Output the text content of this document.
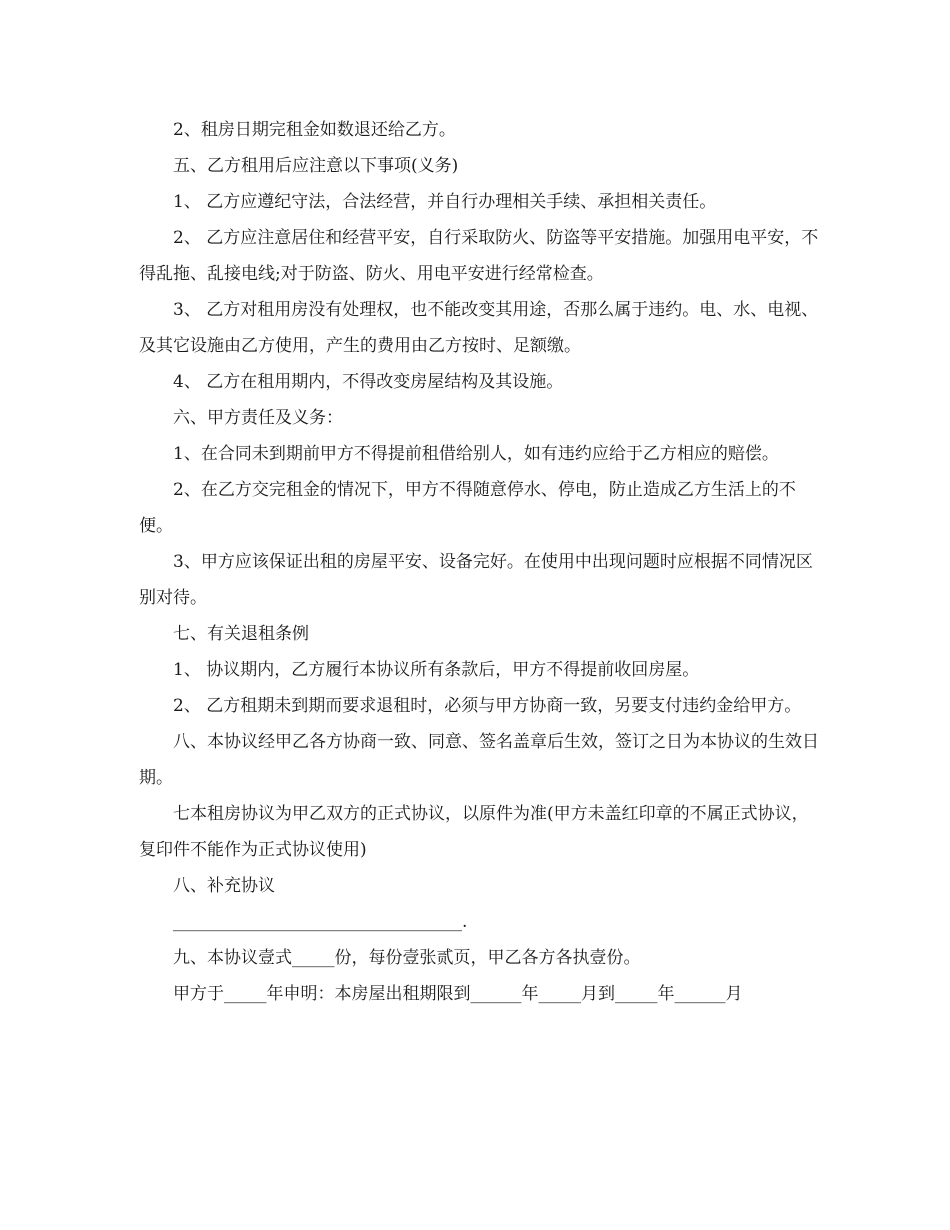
2、租房日期完租金如数退还给乙方。

五、乙方租用后应注意以下事项(义务)

1、 乙方应遵纪守法，合法经营，并自行办理相关手续、承担相关责任。

2、 乙方应注意居住和经营平安，自行采取防火、防盗等平安措施。加强用电平安，不得乱拖、乱接电线;对于防盗、防火、用电平安进行经常检查。

3、 乙方对租用房没有处理权，也不能改变其用途，否那么属于违约。电、水、电视、及其它设施由乙方使用，产生的费用由乙方按时、足额缴。

4、 乙方在租用期内，不得改变房屋结构及其设施。

六、甲方责任及义务：

1、在合同未到期前甲方不得提前租借给别人，如有违约应给于乙方相应的赔偿。

2、在乙方交完租金的情况下，甲方不得随意停水、停电，防止造成乙方生活上的不便。

3、甲方应该保证出租的房屋平安、设备完好。在使用中出现问题时应根据不同情况区别对待。

七、有关退租条例

1、 协议期内，乙方履行本协议所有条款后，甲方不得提前收回房屋。

2、 乙方租期未到期而要求退租时，必须与甲方协商一致，另要支付违约金给甲方。

八、本协议经甲乙各方协商一致、同意、签名盖章后生效，签订之日为本协议的生效日期。

七本租房协议为甲乙双方的正式协议，以原件为准(甲方未盖红印章的不属正式协议，复印件不能作为正式协议使用)

八、补充协议

__________________________________.

九、本协议壹式_____份，每份壹张贰页，甲乙各方各执壹份。

甲方于_____年申明：本房屋出租期限到______年_____月到_____年______月
